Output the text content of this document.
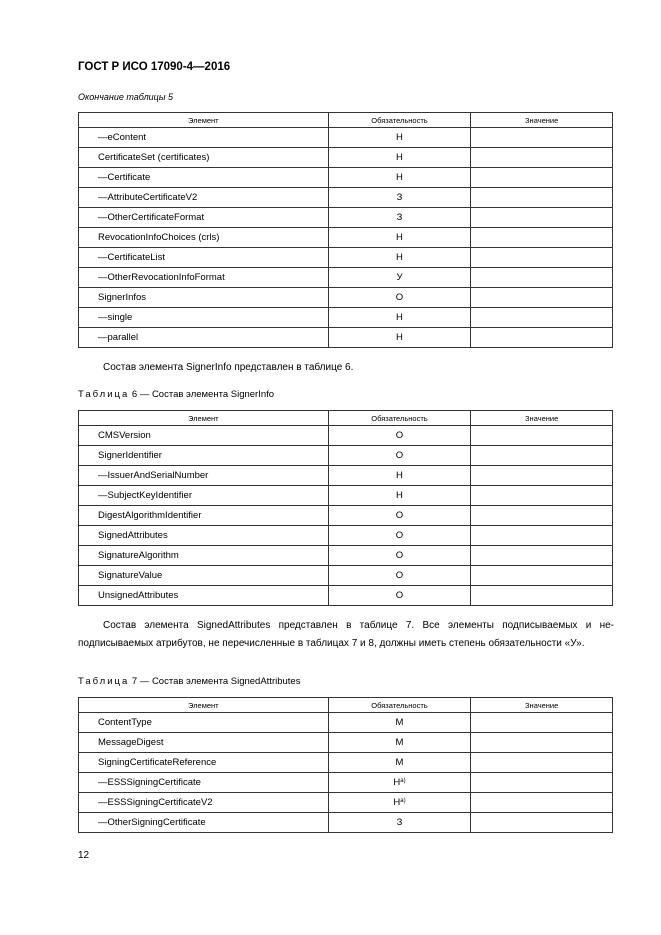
ГОСТ Р ИСО 17090-4—2016
Окончание таблицы 5
Элемент	Обязательность	Значение
—eContent	Н	
CertificateSet (certificates)	Н	
—Certificate	Н	
—AttributeCertificateV2	З	
—OtherCertificateFormat	З	
RevocationInfoChoices (crls)	Н	
—CertificateList	Н	
—OtherRevocationInfoFormat	У	
SignerInfos	О	
—single	Н	
—parallel	Н	
Состав элемента SignerInfo представлен в таблице 6.
Таблица 6 — Состав элемента SignerInfo
Элемент	Обязательность	Значение
CMSVersion	О	
SignerIdentifier	О	
—IssuerAndSerialNumber	Н	
—SubjectKeyIdentifier	Н	
DigestAlgorithmIdentifier	О	
SignedAttributes	О	
SignatureAlgorithm	О	
SignatureValue	О	
UnsignedAttributes	О	
Состав элемента SignedAttributes представлен в таблице 7. Все элементы подписываемых и не-подписываемых атрибутов, не перечисленные в таблицах 7 и 8, должны иметь степень обязательности «У».
Таблица 7 — Состав элемента SignedAttributes
Элемент	Обязательность	Значение
ContentType	М	
MessageDigest	М	
SigningCertificateReference	М	
—ESSSigningCertificate	$Н^{а)}$	
—ESSSigningCertificateV2	$Н^{а)}$	
—OtherSigningCertificate	З	
12
